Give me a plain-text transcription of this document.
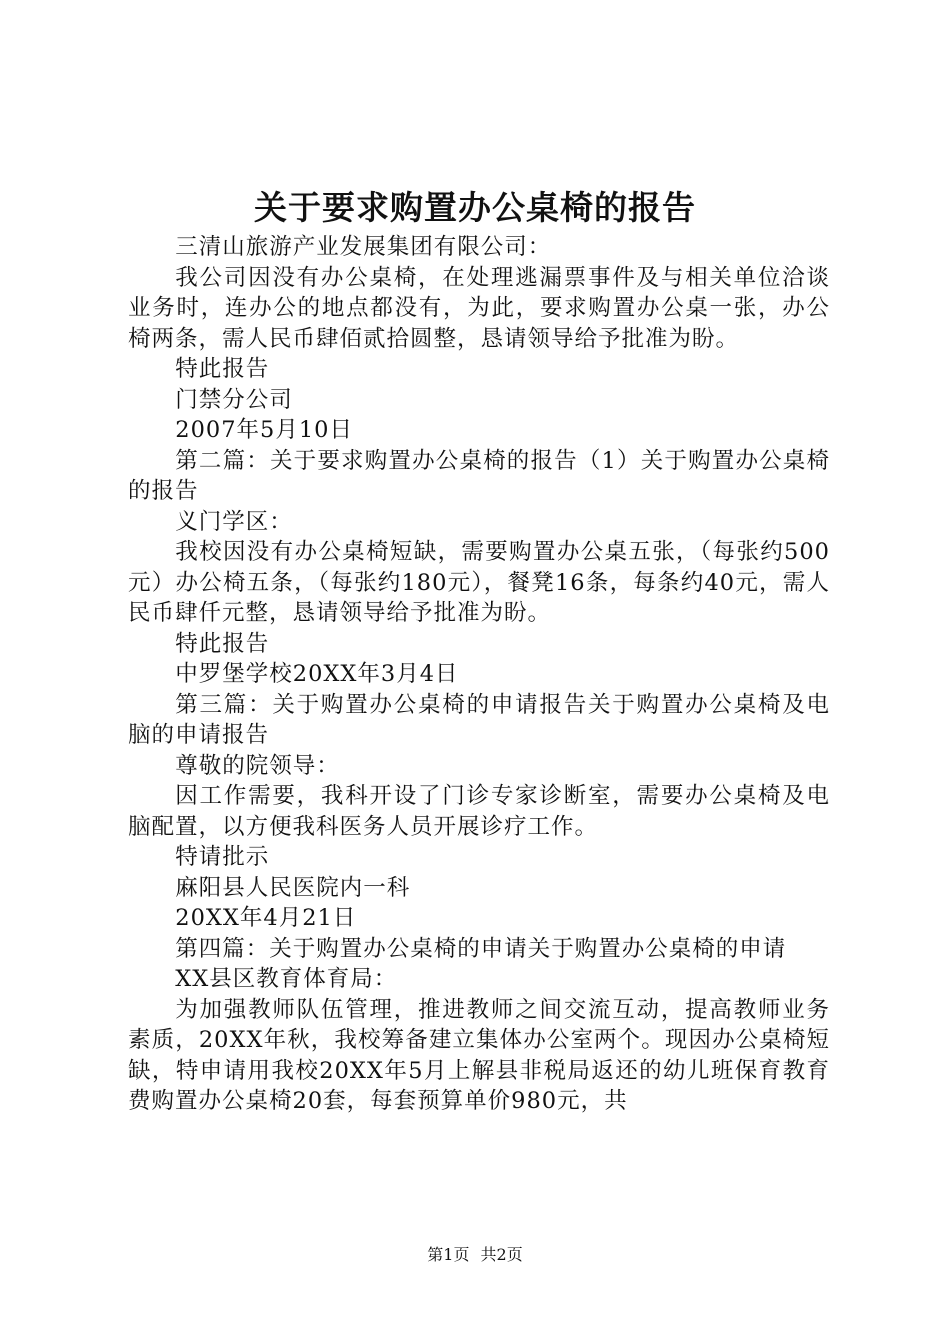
关于要求购置办公桌椅的报告

三清山旅游产业发展集团有限公司：

我公司因没有办公桌椅，在处理逃漏票事件及与相关单位洽谈业务时，连办公的地点都没有，为此，要求购置办公桌一张，办公椅两条，需人民币肆佰贰拾圆整，恳请领导给予批准为盼。

特此报告

门禁分公司

2007年5月10日

第二篇：关于要求购置办公桌椅的报告（1）关于购置办公桌椅的报告

义门学区：

我校因没有办公桌椅短缺，需要购置办公桌五张，（每张约500元）办公椅五条，（每张约180元），餐凳16条，每条约40元，需人民币肆仟元整，恳请领导给予批准为盼。

特此报告

中罗堡学校20XX年3月4日

第三篇：关于购置办公桌椅的申请报告关于购置办公桌椅及电脑的申请报告

尊敬的院领导：

因工作需要，我科开设了门诊专家诊断室，需要办公桌椅及电脑配置，以方便我科医务人员开展诊疗工作。

特请批示

麻阳县人民医院内一科

20XX年4月21日

第四篇：关于购置办公桌椅的申请关于购置办公桌椅的申请

XX县区教育体育局：

为加强教师队伍管理，推进教师之间交流互动，提高教师业务素质，20XX年秋，我校筹备建立集体办公室两个。现因办公桌椅短缺，特申请用我校20XX年5月上解县非税局返还的幼儿班保育教育费购置办公桌椅20套，每套预算单价980元，共

第1页 共2页
